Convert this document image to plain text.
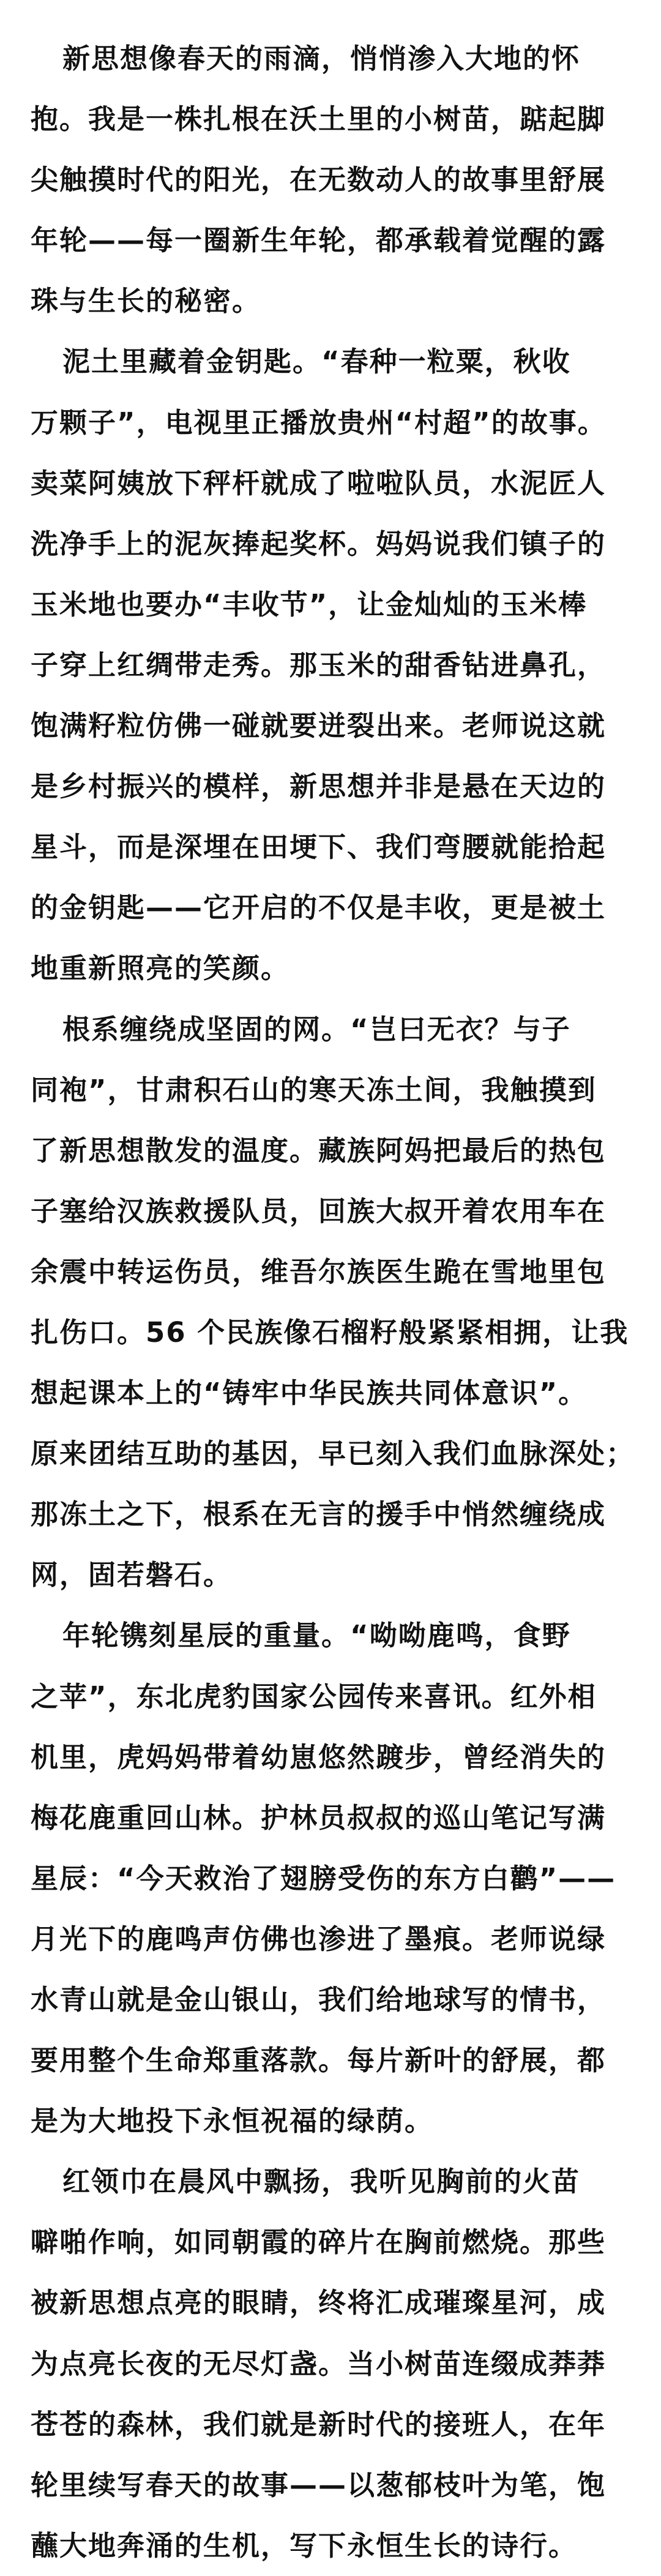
新思想像春天的雨滴，悄悄渗入大地的怀
抱。我是一株扎根在沃土里的小树苗，踮起脚
尖触摸时代的阳光，在无数动人的故事里舒展
年轮——每一圈新生年轮，都承载着觉醒的露
珠与生长的秘密。
泥土里藏着金钥匙。“春种一粒粟，秋收
万颗子”，电视里正播放贵州“村超”的故事。
卖菜阿姨放下秤杆就成了啦啦队员，水泥匠人
洗净手上的泥灰捧起奖杯。妈妈说我们镇子的
玉米地也要办“丰收节”，让金灿灿的玉米棒
子穿上红绸带走秀。那玉米的甜香钻进鼻孔，
饱满籽粒仿佛一碰就要迸裂出来。老师说这就
是乡村振兴的模样，新思想并非是悬在天边的
星斗，而是深埋在田埂下、我们弯腰就能拾起
的金钥匙——它开启的不仅是丰收，更是被土
地重新照亮的笑颜。
根系缠绕成坚固的网。“岂曰无衣？与子
同袍”，甘肃积石山的寒天冻土间，我触摸到
了新思想散发的温度。藏族阿妈把最后的热包
子塞给汉族救援队员，回族大叔开着农用车在
余震中转运伤员，维吾尔族医生跪在雪地里包
扎伤口。56 个民族像石榴籽般紧紧相拥，让我
想起课本上的“铸牢中华民族共同体意识”。
原来团结互助的基因，早已刻入我们血脉深处；
那冻土之下，根系在无言的援手中悄然缠绕成
网，固若磐石。
年轮镌刻星辰的重量。“呦呦鹿鸣，食野
之苹”，东北虎豹国家公园传来喜讯。红外相
机里，虎妈妈带着幼崽悠然踱步，曾经消失的
梅花鹿重回山林。护林员叔叔的巡山笔记写满
星辰：“今天救治了翅膀受伤的东方白鹳”——
月光下的鹿鸣声仿佛也渗进了墨痕。老师说绿
水青山就是金山银山，我们给地球写的情书，
要用整个生命郑重落款。每片新叶的舒展，都
是为大地投下永恒祝福的绿荫。
红领巾在晨风中飘扬，我听见胸前的火苗
噼啪作响，如同朝霞的碎片在胸前燃烧。那些
被新思想点亮的眼睛，终将汇成璀璨星河，成
为点亮长夜的无尽灯盏。当小树苗连缀成莽莽
苍苍的森林，我们就是新时代的接班人，在年
轮里续写春天的故事——以葱郁枝叶为笔，饱
蘸大地奔涌的生机，写下永恒生长的诗行。
